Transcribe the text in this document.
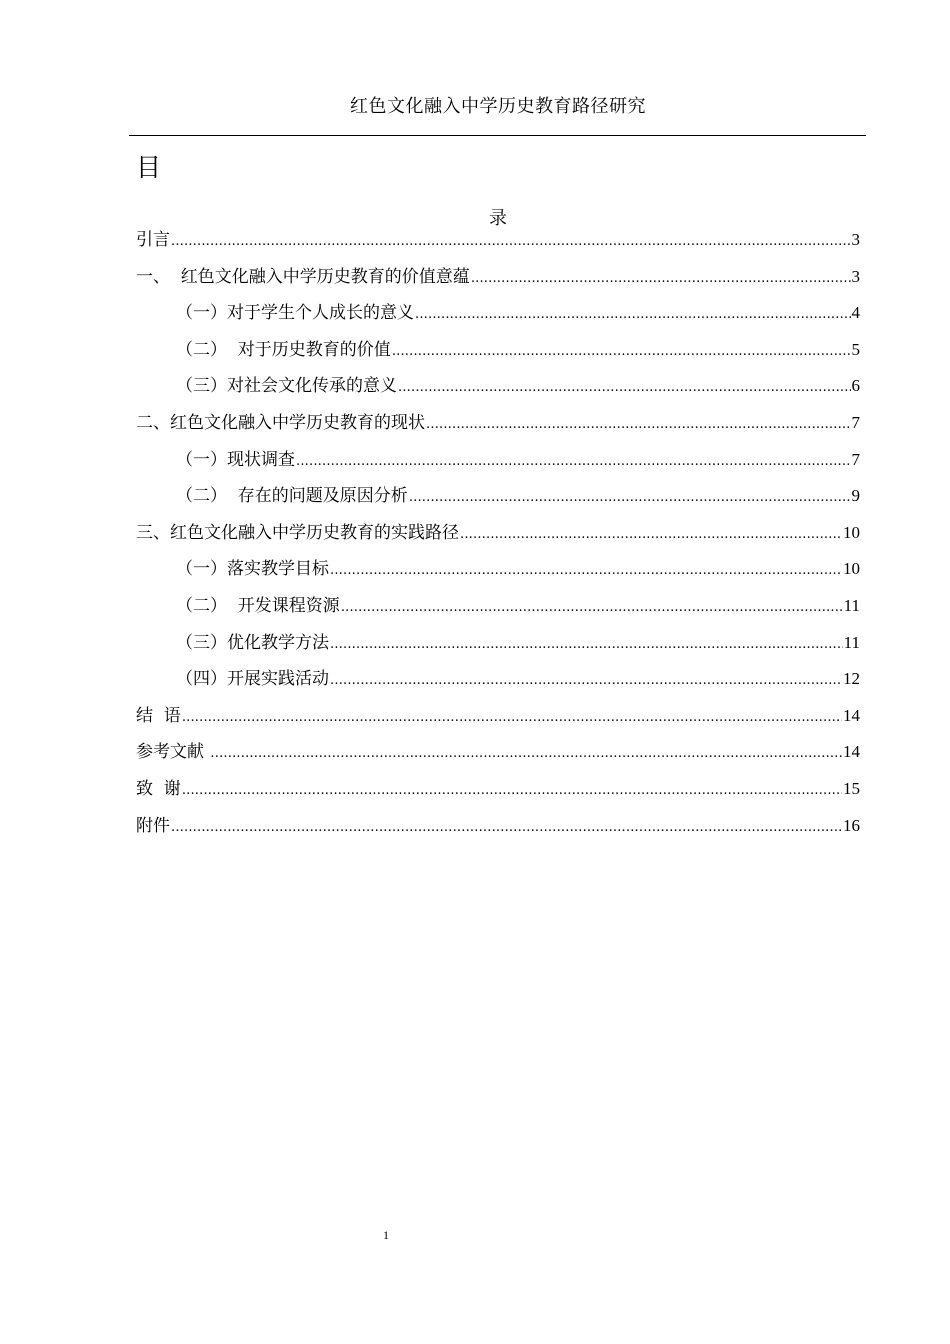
红色文化融入中学历史教育路径研究
目
录
引言 .....	3
一、  红色文化融入中学历史教育的价值意蕴 .....	3
（一）对于学生个人成长的意义 .....	4
（二）  对于历史教育的价值 .....	5
（三）对社会文化传承的意义 .....	6
二、红色文化融入中学历史教育的现状 .....	7
（一）现状调查 .....	7
（二）  存在的问题及原因分析 .....	9
三、红色文化融入中学历史教育的实践路径 .....	10
（一）落实教学目标 .....	10
（二）  开发课程资源 .....	11
（三）优化教学方法 .....	11
（四）开展实践活动 .....	12
结  语 .....	14
参考文献 .....	14
致  谢 .....	15
附件 .....	16
1
